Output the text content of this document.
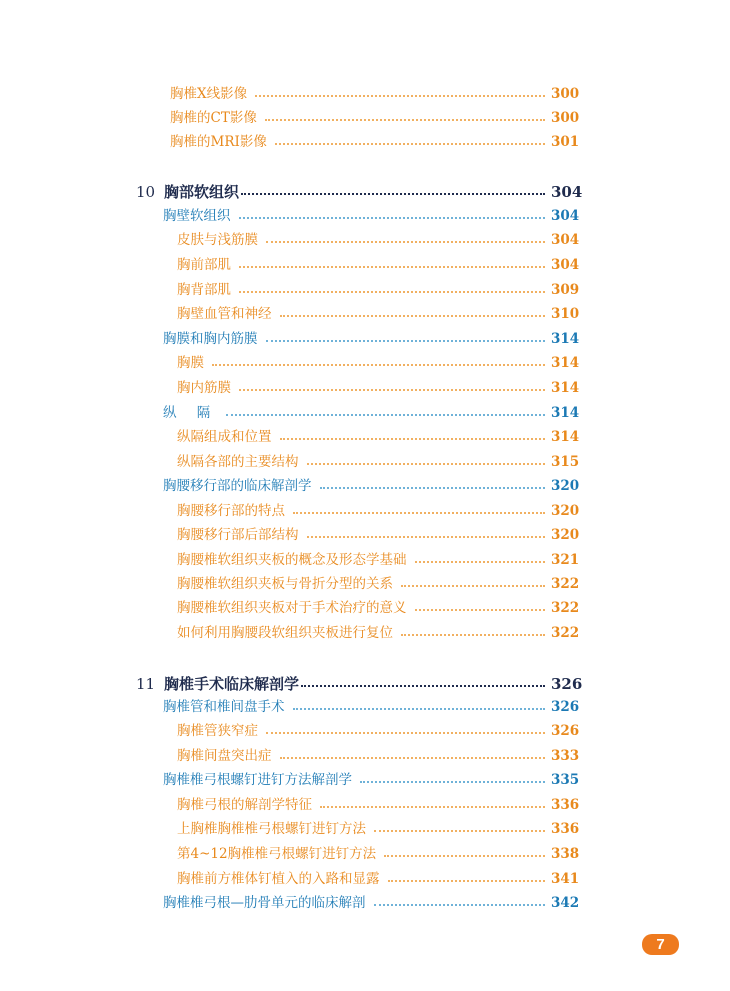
胸椎X线影像	300
胸椎的CT影像	300
胸椎的MRI影像	301
10 胸部软组织	304
胸壁软组织	304
皮肤与浅筋膜	304
胸前部肌	304
胸背部肌	309
胸壁血管和神经	310
胸膜和胸内筋膜	314
胸膜	314
胸内筋膜	314
纵 隔	314
纵隔组成和位置	314
纵隔各部的主要结构	315
胸腰移行部的临床解剖学	320
胸腰移行部的特点	320
胸腰移行部后部结构	320
胸腰椎软组织夹板的概念及形态学基础	321
胸腰椎软组织夹板与骨折分型的关系	322
胸腰椎软组织夹板对于手术治疗的意义	322
如何利用胸腰段软组织夹板进行复位	322
11 胸椎手术临床解剖学	326
胸椎管和椎间盘手术	326
胸椎管狭窄症	326
胸椎间盘突出症	333
胸椎椎弓根螺钉进钉方法解剖学	335
胸椎弓根的解剖学特征	336
上胸椎胸椎椎弓根螺钉进钉方法	336
第4~12胸椎椎弓根螺钉进钉方法	338
胸椎前方椎体钉植入的入路和显露	341
胸椎椎弓根—肋骨单元的临床解剖	342
7
